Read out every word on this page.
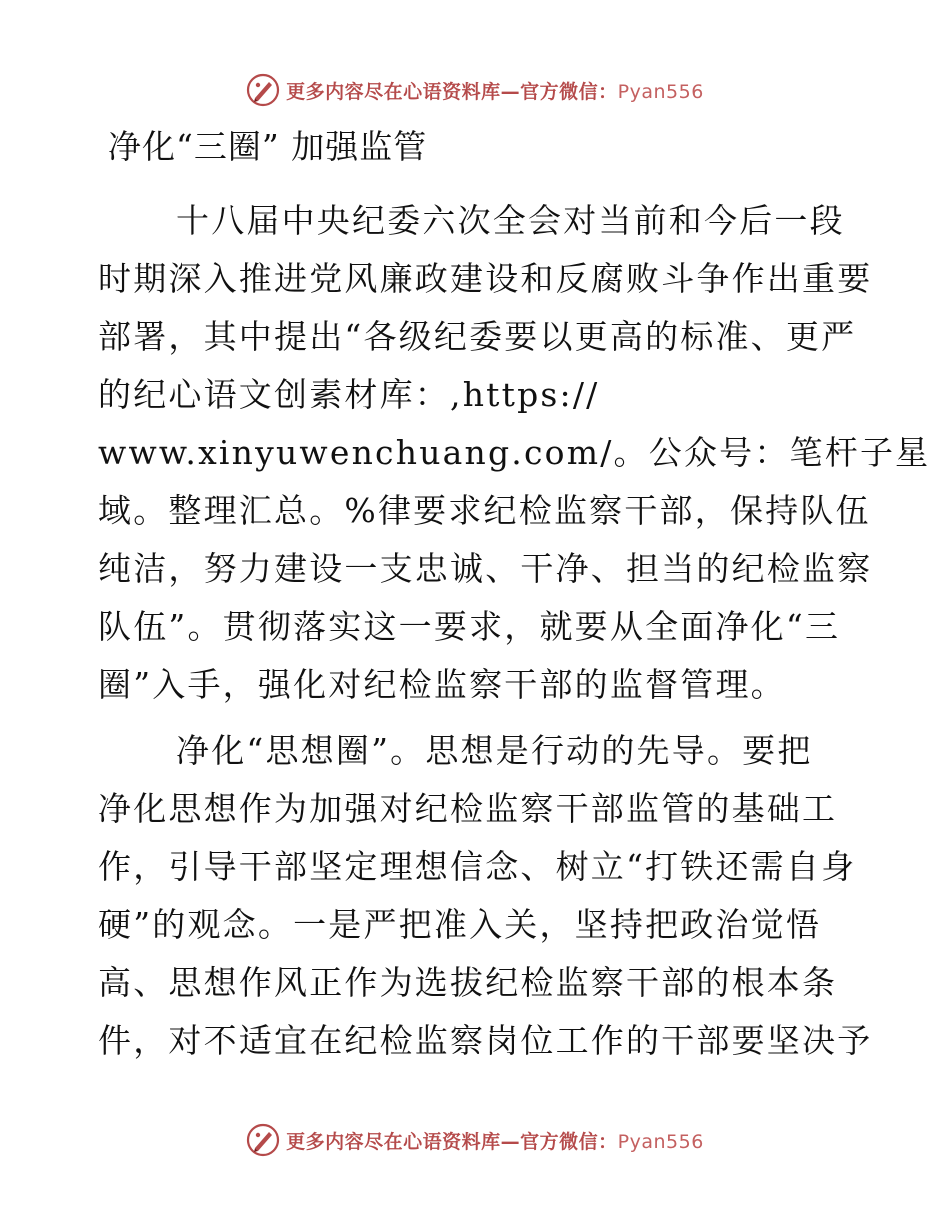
更多内容尽在心语资料库—官方微信：Pyan556
净化“三圈” 加强监管
十八届中央纪委六次全会对当前和今后一段
时期深入推进党风廉政建设和反腐败斗争作出重要
部署，其中提出“各级纪委要以更高的标准、更严
的纪心语文创素材库：,https://
www.xinyuwenchuang.com/。公众号：笔杆子星
域。整理汇总。%律要求纪检监察干部，保持队伍
纯洁，努力建设一支忠诚、干净、担当的纪检监察
队伍”。贯彻落实这一要求，就要从全面净化“三
圈”入手，强化对纪检监察干部的监督管理。
净化“思想圈”。思想是行动的先导。要把
净化思想作为加强对纪检监察干部监管的基础工
作，引导干部坚定理想信念、树立“打铁还需自身
硬”的观念。一是严把准入关，坚持把政治觉悟
高、思想作风正作为选拔纪检监察干部的根本条
件，对不适宜在纪检监察岗位工作的干部要坚决予
更多内容尽在心语资料库—官方微信：Pyan556
